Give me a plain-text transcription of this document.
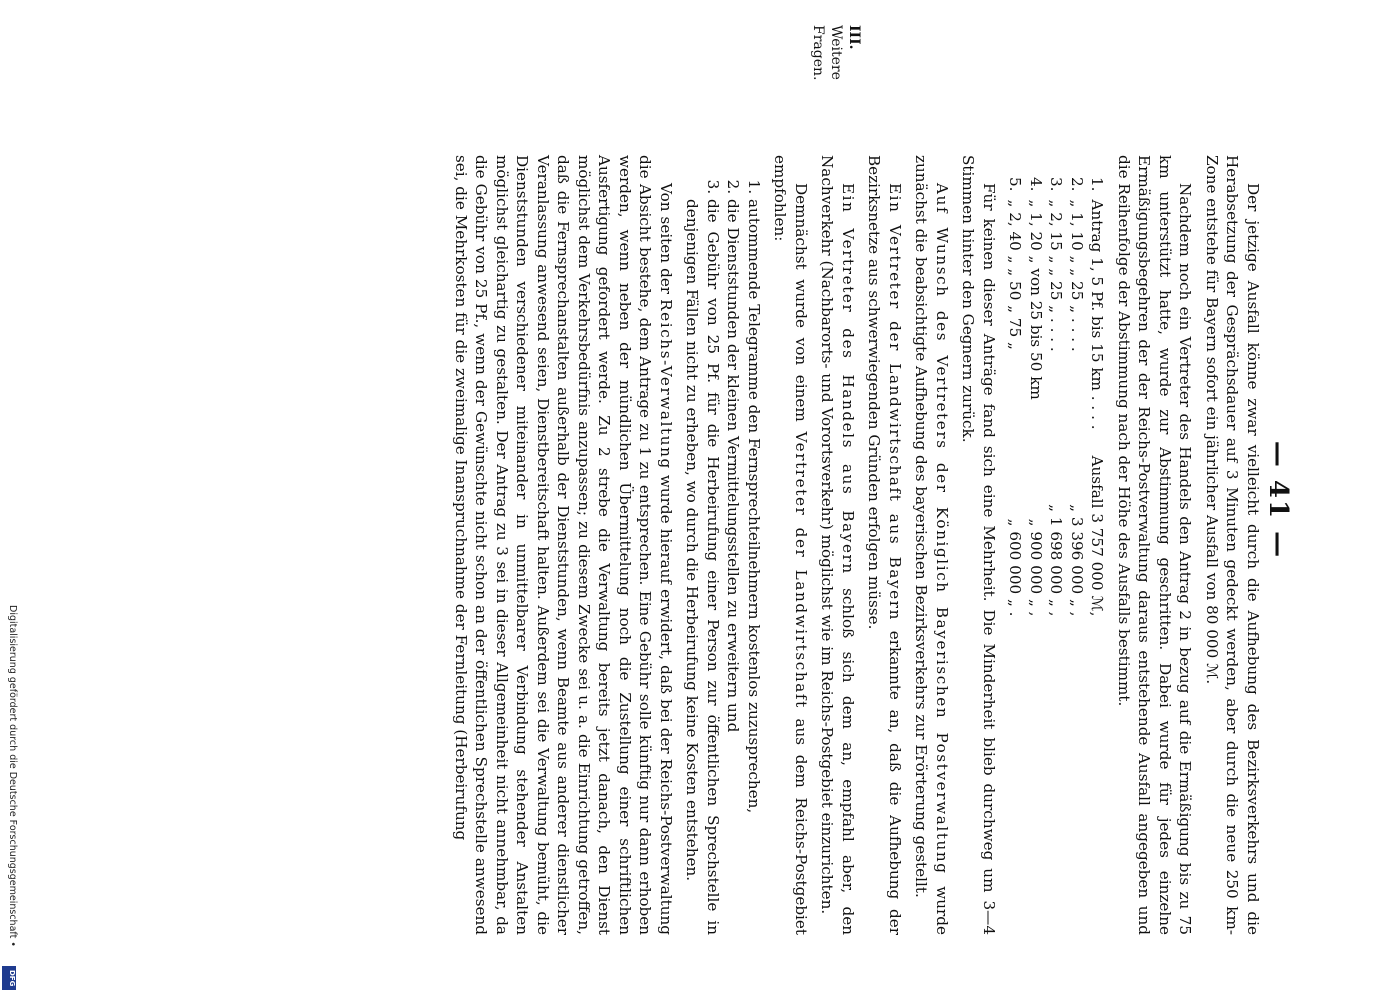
— 41 —
III.
Weitere Fragen.

Der jetzige Ausfall könne zwar vielleicht durch die Aufhebung des Bezirksverkehrs und die Herabsetzung der Gesprächsdauer auf 3 Minuten gedeckt werden, aber durch die neue 250 km-Zone entstehe für Bayern sofort ein jährlicher Ausfall von 80 000 ℳ.

Nachdem noch ein Vertreter des Handels den Antrag 2 in bezug auf die Ermäßigung bis zu 75 km unterstützt hatte, wurde zur Abstimmung geschritten. Dabei wurde für jedes einzelne Ermäßigungsbegehren der der Reichs-Postverwaltung daraus entstehende Ausfall angegeben und die Reihenfolge der Abstimmung nach der Höhe des Ausfalls bestimmt.

1.	Antrag 1, 5 Pf. bis 15 km . . . .	Ausfall 3 757 000 ℳ,
2.	„ 1, 10 „ „ 25 „ . . . .	„ 3 396 000 „ ,
3.	„ 2, 15 „ „ 25 „ . . . .	„ 1 698 000 „ ,
4.	„ 1, 20 „ von 25 bis 50 km	„ 900 000 „ ,
5.	„ 2, 40 „ „ 50 „ 75 „	„ 600 000 „ .

Für keinen dieser Anträge fand sich eine Mehrheit. Die Minderheit blieb durchweg um 3—4 Stimmen hinter den Gegnern zurück.

Auf Wunsch des Vertreters der Königlich Bayerischen Postverwaltung wurde zunächst die beabsichtigte Aufhebung des bayerischen Bezirksverkehrs zur Erörterung gestellt.

Ein Vertreter der Landwirtschaft aus Bayern erkannte an, daß die Aufhebung der Bezirksnetze aus schwerwiegenden Gründen erfolgen müsse.

Ein Vertreter des Handels aus Bayern schloß sich dem an, empfahl aber, den Nachverkehr (Nachbarorts- und Vorortsverkehr) möglichst wie im Reichs-Postgebiet einzurichten.

Demnächst wurde von einem Vertreter der Landwirtschaft aus dem Reichs-Postgebiet empfohlen:

1. autommende Telegramme den Fernsprechteilnehmern kostenlos zuzusprechen,
2. die Dienststunden der kleinen Vermittelungsstellen zu erweitern und
3. die Gebühr von 25 Pf. für die Herbeirufung einer Person zur öffentlichen Sprechstelle in denjenigen Fällen nicht zu erheben, wo durch die Herbeirufung keine Kosten entstehen.

Von seiten der Reichs-Verwaltung wurde hierauf erwidert, daß bei der Reichs-Postverwaltung die Absicht bestehe, dem Antrage zu 1 zu entsprechen. Eine Gebühr solle künftig nur dann erhoben werden, wenn neben der mündlichen Übermittelung noch die Zustellung einer schriftlichen Ausfertigung gefordert werde. Zu 2 strebe die Verwaltung bereits jetzt danach, den Dienst möglichst dem Verkehrsbedürfnis anzupassen; zu diesem Zwecke sei u. a. die Einrichtung getroffen, daß die Fernsprechanstalten außerhalb der Dienststunden, wenn Beamte aus anderer dienstlicher Veranlassung anwesend seien, Dienstbereitschaft halten. Außerdem sei die Verwaltung bemüht, die Dienststunden verschiedener miteinander in unmittelbarer Verbindung stehender Anstalten möglichst gleichartig zu gestalten. Der Antrag zu 3 sei in dieser Allgemeinheit nicht annehmbar, da die Gebühr von 25 Pf., wenn der Gewünschte nicht schon an der öffentlichen Sprechstelle anwesend sei, die Mehrkosten für die zweimalige Inanspruchnahme der Fernleitung (Herbeirufung

Digitalisierung gefördert durch die Deutsche Forschungsgemeinschaft •
DFG
